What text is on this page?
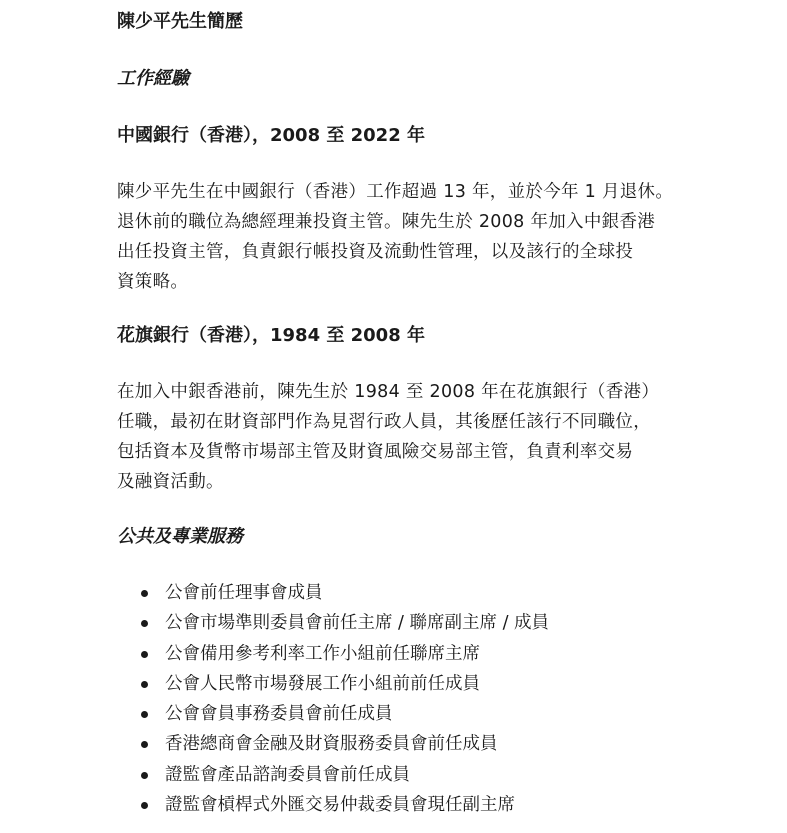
陳少平先生簡歷
工作經驗
中國銀行（香港），2008 至 2022 年
陳少平先生在中國銀行（香港）工作超過 13 年，並於今年 1 月退休。
退休前的職位為總經理兼投資主管。陳先生於 2008 年加入中銀香港
出任投資主管，負責銀行帳投資及流動性管理，以及該行的全球投
資策略。
花旗銀行（香港），1984 至 2008 年
在加入中銀香港前，陳先生於 1984 至 2008 年在花旗銀行（香港）
任職，最初在財資部門作為見習行政人員，其後歷任該行不同職位，
包括資本及貨幣市場部主管及財資風險交易部主管，負責利率交易
及融資活動。
公共及專業服務
公會前任理事會成員
公會市場準則委員會前任主席 / 聯席副主席 / 成員
公會備用參考利率工作小組前任聯席主席
公會人民幣市場發展工作小組前前任成員
公會會員事務委員會前任成員
香港總商會金融及財資服務委員會前任成員
證監會產品諮詢委員會前任成員
證監會槓桿式外匯交易仲裁委員會現任副主席
